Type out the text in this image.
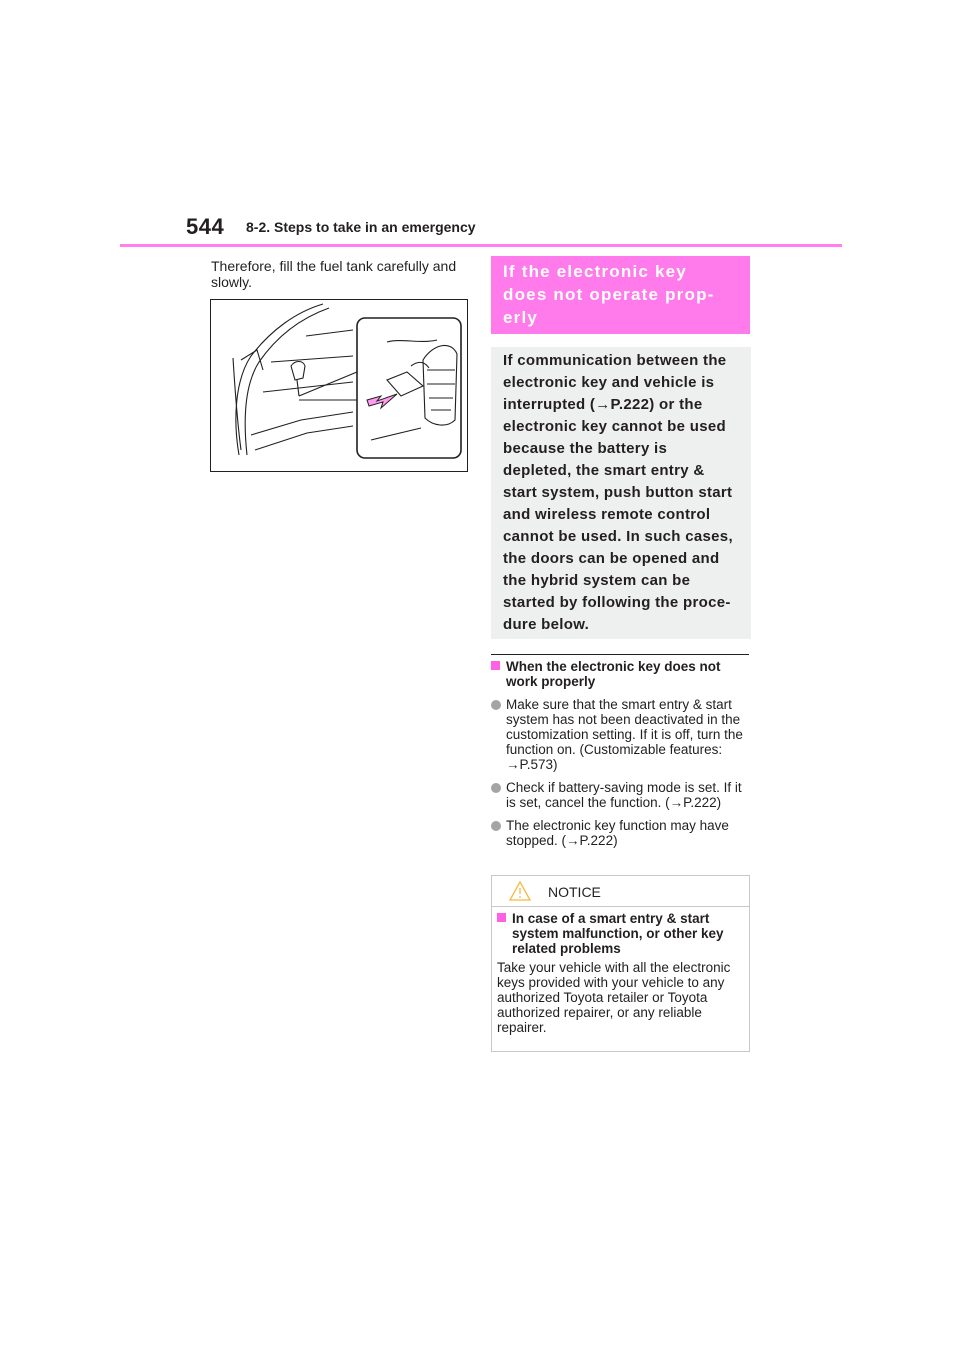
544 8-2. Steps to take in an emergency
Therefore, fill the fuel tank carefully and slowly.
If the electronic key
does not operate prop-
erly

If communication between the

electronic key and vehicle is

interrupted (→P.222) or the

electronic key cannot be used

because the battery is

depleted, the smart entry &

start system, push button start

and wireless remote control

cannot be used. In such cases,

the doors can be opened and

the hybrid system can be

started by following the proce-

dure below.

When the electronic key does not work properly
Make sure that the smart entry & start system has not been deactivated in the customization setting. If it is off, turn the function on. (Customizable features: →P.573)
Check if battery-saving mode is set. If it is set, cancel the function. (→P.222)
The electronic key function may have stopped. (→P.222)
NOTICE
In case of a smart entry & start system malfunction, or other key related problems
Take your vehicle with all the electronic keys provided with your vehicle to any authorized Toyota retailer or Toyota authorized repairer, or any reliable repairer.
